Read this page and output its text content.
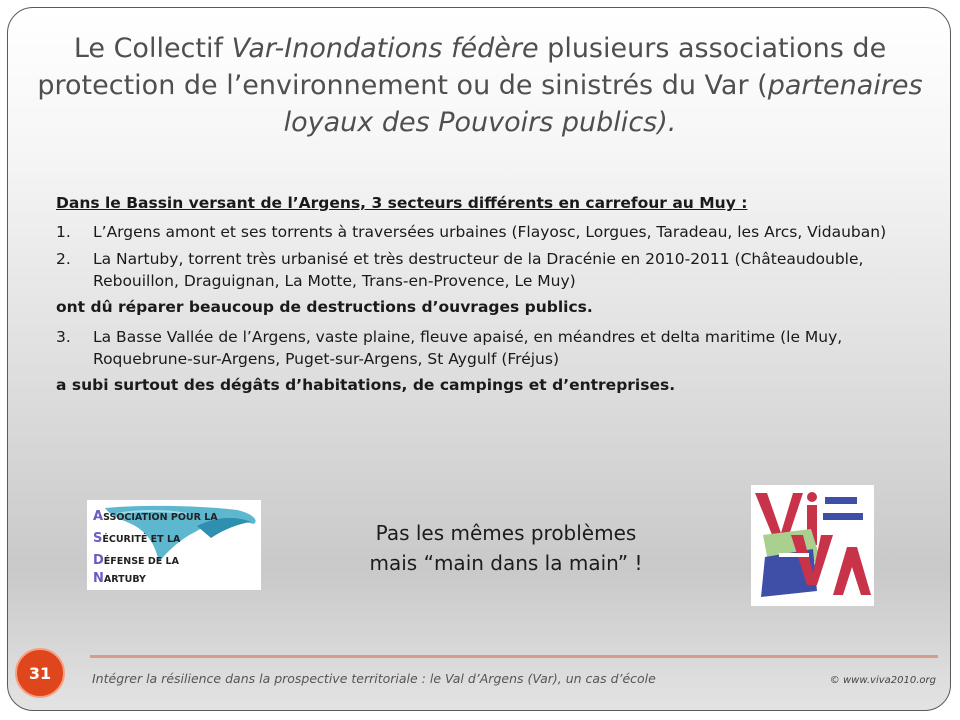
Le Collectif Var-Inondations fédère plusieurs associations de protection de l’environnement ou de sinistrés du Var (partenaires loyaux des Pouvoirs publics).
Dans le Bassin versant de l’Argens, 3 secteurs différents en carrefour au Muy :
1.	L’Argens amont et ses torrents à traversées urbaines (Flayosc, Lorgues, Taradeau, les Arcs, Vidauban)
2.	La Nartuby, torrent très urbanisé et très destructeur de la Dracénie en 2010-2011 (Châteaudouble, Rebouillon, Draguignan, La Motte, Trans-en-Provence, Le Muy)
ont dû réparer beaucoup de destructions d’ouvrages publics.
3.	La Basse Vallée de l’Argens, vaste plaine, fleuve apaisé, en méandres et delta maritime (le Muy, Roquebrune-sur-Argens, Puget-sur-Argens, St Aygulf (Fréjus)
a subi surtout des dégâts d’habitations, de campings et d’entreprises.
ASSOCIATION POUR LA
SÉCURITÉ ET LA
DÉFENSE DE LA
NARTUBY
Pas les mêmes problèmes
mais “main dans la main” !
31	Intégrer la résilience dans la prospective territoriale : le Val d’Argens (Var), un cas d’école	© www.viva2010.org
